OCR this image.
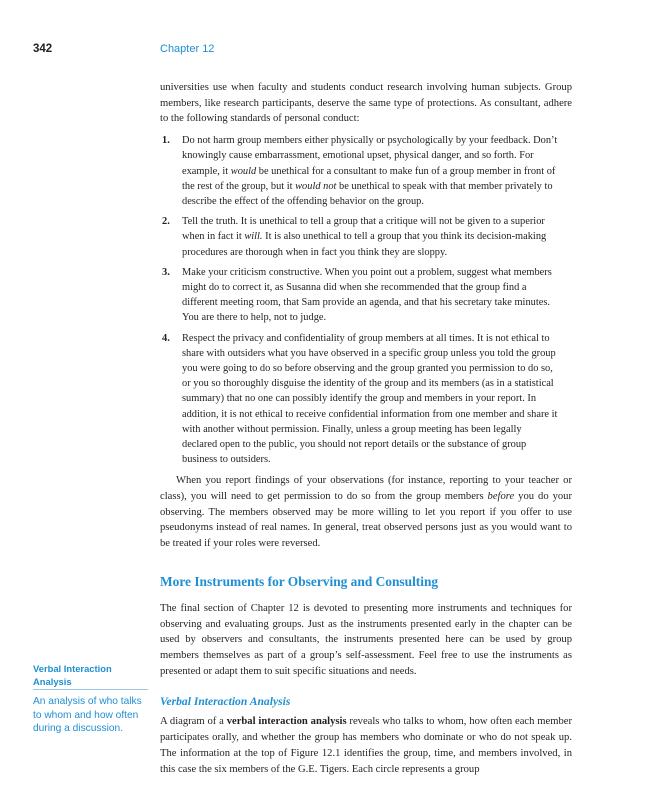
342	Chapter 12

universities use when faculty and students conduct research involving human subjects. Group members, like research participants, deserve the same type of protections. As consultant, adhere to the following standards of personal conduct:

1. Do not harm group members either physically or psychologically by your feedback. Don’t knowingly cause embarrassment, emotional upset, physical danger, and so forth. For example, it would be unethical for a consultant to make fun of a group member in front of the rest of the group, but it would not be unethical to speak with that member privately to describe the effect of the offending behavior on the group.
2. Tell the truth. It is unethical to tell a group that a critique will not be given to a superior when in fact it will. It is also unethical to tell a group that you think its decision-making procedures are thorough when in fact you think they are sloppy.
3. Make your criticism constructive. When you point out a problem, suggest what members might do to correct it, as Susanna did when she recommended that the group find a different meeting room, that Sam provide an agenda, and that his secretary take minutes. You are there to help, not to judge.
4. Respect the privacy and confidentiality of group members at all times. It is not ethical to share with outsiders what you have observed in a specific group unless you told the group you were going to do so before observing and the group granted you permission to do so, or you so thoroughly disguise the identity of the group and its members (as in a statistical summary) that no one can possibly identify the group and members in your report. In addition, it is not ethical to receive confidential information from one member and share it with another without permission. Finally, unless a group meeting has been legally declared open to the public, you should not report details or the substance of group business to outsiders.

When you report findings of your observations (for instance, reporting to your teacher or class), you will need to get permission to do so from the group members before you do your observing. The members observed may be more willing to let you report if you offer to use pseudonyms instead of real names. In general, treat observed persons just as you would want to be treated if your roles were reversed.

More Instruments for Observing and Consulting

The final section of Chapter 12 is devoted to presenting more instruments and techniques for observing and evaluating groups. Just as the instruments presented early in the chapter can be used by observers and consultants, the instruments presented here can be used by group members themselves as part of a group’s self-assessment. Feel free to use the instruments as presented or adapt them to suit specific situations and needs.

Verbal Interaction Analysis

A diagram of a verbal interaction analysis reveals who talks to whom, how often each member participates orally, and whether the group has members who dominate or who do not speak up. The information at the top of Figure 12.1 identifies the group, time, and members involved, in this case the six members of the G.E. Tigers. Each circle represents a group

Verbal Interaction Analysis
An analysis of who talks to whom and how often during a discussion.
